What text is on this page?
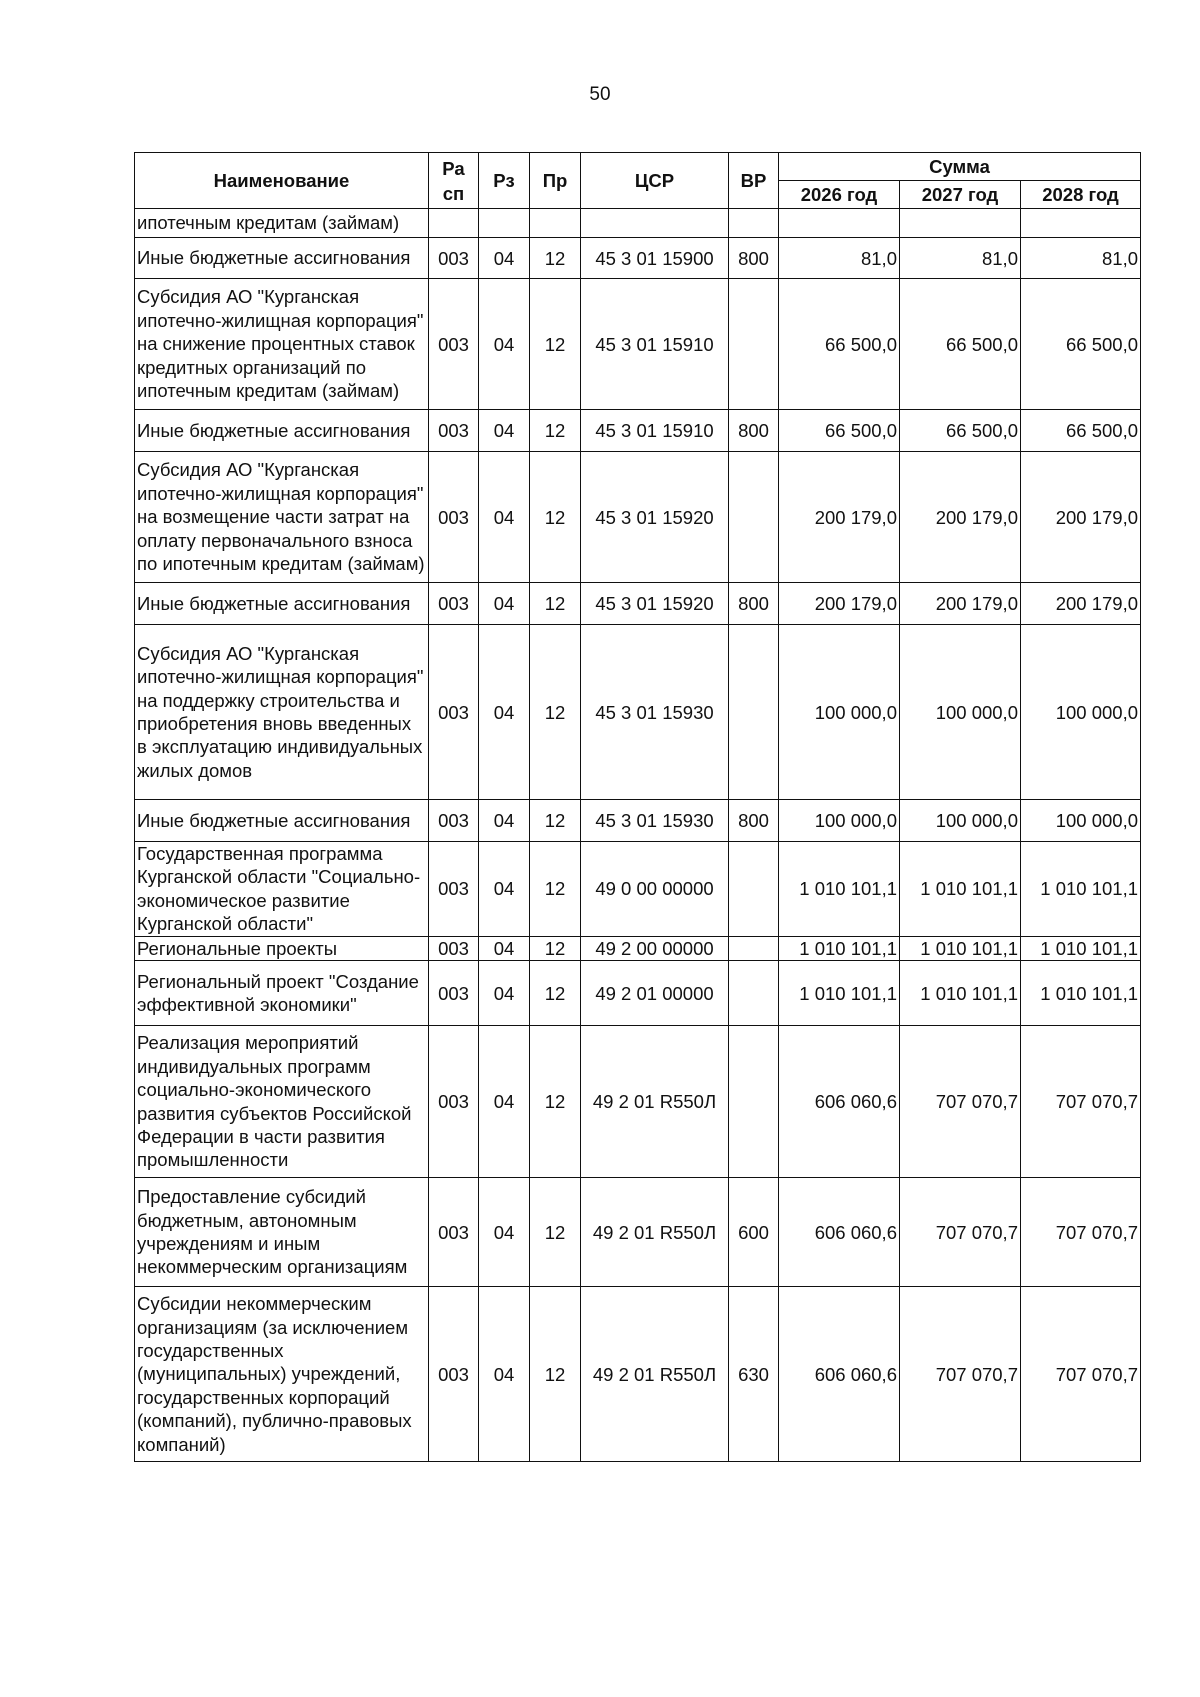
50
Наименование	Ра сп	Рз	Пр	ЦСР	ВР	Сумма		
						2026 год	2027 год	2028 год
ипотечным кредитам (займам)								
Иные бюджетные ассигнования	003	04	12	45 3 01 15900	800	81,0	81,0	81,0
Субсидия АО "Курганская ипотечно-жилищная корпорация" на снижение процентных ставок кредитных организаций по ипотечным кредитам (займам)	003	04	12	45 3 01 15910		66 500,0	66 500,0	66 500,0
Иные бюджетные ассигнования	003	04	12	45 3 01 15910	800	66 500,0	66 500,0	66 500,0
Субсидия АО "Курганская ипотечно-жилищная корпорация" на возмещение части затрат на оплату первоначального взноса по ипотечным кредитам (займам)	003	04	12	45 3 01 15920		200 179,0	200 179,0	200 179,0
Иные бюджетные ассигнования	003	04	12	45 3 01 15920	800	200 179,0	200 179,0	200 179,0
Субсидия АО "Курганская ипотечно-жилищная корпорация" на поддержку строительства и приобретения вновь введенных в эксплуатацию индивидуальных жилых домов	003	04	12	45 3 01 15930		100 000,0	100 000,0	100 000,0
Иные бюджетные ассигнования	003	04	12	45 3 01 15930	800	100 000,0	100 000,0	100 000,0
Государственная программа Курганской области "Социально-экономическое развитие Курганской области"	003	04	12	49 0 00 00000		1 010 101,1	1 010 101,1	1 010 101,1
Региональные проекты	003	04	12	49 2 00 00000		1 010 101,1	1 010 101,1	1 010 101,1
Региональный проект "Создание эффективной экономики"	003	04	12	49 2 01 00000		1 010 101,1	1 010 101,1	1 010 101,1
Реализация мероприятий индивидуальных программ социально-экономического развития субъектов Российской Федерации в части развития промышленности	003	04	12	49 2 01 R550Л		606 060,6	707 070,7	707 070,7
Предоставление субсидий бюджетным, автономным учреждениям и иным некоммерческим организациям	003	04	12	49 2 01 R550Л	600	606 060,6	707 070,7	707 070,7
Субсидии некоммерческим организациям (за исключением государственных (муниципальных) учреждений, государственных корпораций (компаний), публично-правовых компаний)	003	04	12	49 2 01 R550Л	630	606 060,6	707 070,7	707 070,7
